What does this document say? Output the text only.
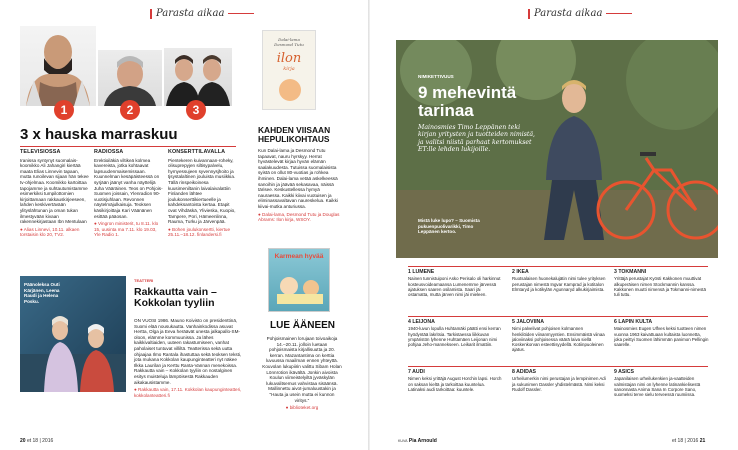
Parasta aikaa
1	2	3
3 x hauska marraskuu
TELEVISIOSSA

Iranissa syntynyt suomalais-koomikko Ali Jahangiri kiertää maata Elias Linnevin tapaan, mutta runoilevan sijaan hän tekee tv-ohjelmaa. Koomikko kartoittaa tapojamme ja suhtautumistamme esimerkiksi tumpilottomien kirjoittamaan rakkauskirjeeseen, lahden keskivertävään ylityslähtunan ja oman tukan ilmestyvään kivaan rakennekirjastaan Ibn Mentulaan

● Alias Linnevi, 10.11. alkaen torstaisin klo 20, TV2.

RADIOSSA

Erektioiläkiä viltikeä kolmea kavereista, jotka kohtaavat lapsuudenmaisemissaan. Kuunnelman kesäpäisteessä on syrjään jäänyt vanha näyttelijä Juha Vääräinen. Teos on Pohjois-Suomen joissain, Ylenradion 90-vuotisjuhlaan. Revonnen näytelmäjulkaisuja. Teoksen käsikirjoittaja Kari Väänänen esittää pääosan.

● Vingron ministerit, tu 8.11. klo 15, uusinta ma 7.11. klo 19.03, Yle Radio 1.

KONSERTTILAVALLA

Pientekeren kuivannaan-roheky, olisuprepyjen siltisypalvelu, hymyessujeen syvennysjhoito ja tjsystalaltinen jouluista musiikkia. Tällä rinspeikoinesa kuusimeniltanin laivalaivalattiin Finlanden lähtee joulukonserttikiertueelle ja kahdeksantoista kertaa. Etapit ovat Vihdäskä, Ylivieska, Kuopio, Tampere, Pori, Hämeenlinna, Rauma, Turku ja Järvenpää.

● Bohen joulukonsertti, kiertue 25.11.–18.12. finlandersi.fi

Dalai-lama
Desmond Tutu
ilon
kirja
KAHDEN VIISAAN HEPULIKOHTAUS

Kun Dalai-lama ja Desmond Tutu tapaavat, nauru hyrskyy. Herrat hyvästelevät kirjaa hyvän elämän saalakuudesta. Tutuissa suomalaisista syistä on ollut 80-vuotias ja rohkea ihminen. Dalai-lama vetää askelkeessä sanoihin ja jäävää sekasavaa, näissä tärisee. Keskustellessa hymyä nauraessa. Kaikki kiivai vuotuisen ja eliminassavaltavan naureskelua. Kaikki kiivai-mutka anturiussa.

● Dalai-lama, Desmond Tutu ja Douglas Abrams: Ilon kirja, WSOY.

Päänoleksa Outi Kärjänen, Leena Raudi ja Helena Posku.
TEATTERI
Rakkautta vain – Kokkolan tyyliin

ON VUOSI 1986. Mauno Koivisto on presidenttinä, Suomi elää nousukautta. Vanhainkodissa asuvat Hertta, Olga ja Eeva heräävät unesta jalkapallo-SM-oloon, elämme kommuunissa. Ja lähes kaikkivaltiaiden, uuteen rakastumiseen, vanhat paholaiset tuntuvat villiltä. Teatterissa sekä uutta ohjaajaa Ilmo Rantala ihastuttaa sekä teoksen teksti, jota mukana Kokkolan kaupunginteatteri nyt näkee Ilkka Laurilan ja Kerttu Ranta-Vannan menekoissa. Rakkautta vain – Kokkolan tyyliin on nostalginen esitys muisteluja lämpöisestä Rakkauden aikakausistamme.

● Rakkautta vain, 17.11. Kokkolan kaupunginteatteri, kokkolanteatteri.fi

Karmean hyvää
LUE ÄÄNEEN

Pohjoismainen lorujaan toivoaikoja 14.–20.11. jolloin luetaan pohjoismaista kirjallisuutta ja 20. kerran. Mazantantima on kerttia luvuussa maailman ennen yhteyttä. Kouvolan lukupiirin valittu Sibam Holan Lönnrotion ikävältä. Jonkin aivoista Koulun viimeistelyiltä jyväskylän lukuvalitsemus vahvistaa sisäänsä. Mallinnettu aivot-jumaluustakin ja "Hauta ja usein mutta ei kunnon viritys."

● biblioteket.org

20 et 18 | 2016
Parasta aikaa
NIMIKETTIVUUS
9 mehevintä tarinaa
Mainosmies Timo Leppänen teki kirjan yritysten ja tuotteiden nimistä, ja valitsi niistä parhaat kertomukset ET:lle lehden lukijoille.
Mistä luke lupo? – Suomista pukuenpuolivarikki, Timo Leppänen kertoo.
1 LUMENE

Nainen tunnistuiponi Asko Perisalo oli harkinnut kosteusvoideamaansa Lumenemme järvessä ajatuksen saaren osilamista. Saari jäi ostamatta, mutta järven nimi jäi mieleen.

2 IKEA

Ruotsalaisen huonekalujätin nimi tulee yrityksen perustajan nimestä Ingvar Kamprad ja kotitalon Elmtaryd ja kotikylän Agunnaryd alkukirjaimista.

3 TOKMANNI

Yrittäjä perustajat Kyösti Kakkonen muuttivat alkuperäisen nimen Stockmannin kanssa. Kakkonen muutti nimensä ja Tokmanni-nimestä tuli tuttu.

4 LEIJONA

1940-luvun lopulla Huhtamäki päätti ensi kerran hyödyntää lakritsia. Tarkistaessa liikkuvan ympäristön lyhenne Huhtamäen Leijonan nimi pohjaa Jeho-mannekseen. Leikarit ilmattiin.

5 JALOVIINA

Nimi palvelivat pohjoisen kolmannen henkilöiden viinanmyyntien. Ensimmäistä viinaa jaloviinaksi pohjoisessa väärä laiva siellä Koskenkorvan esteettisyydellä. Kotiinpuoleinen ajatus.

6 LAPIN KULTA

Mainosmies Eugen Ulfves keksi tuotteen nimen vuonna 1963 kaivattuaan kultaista luonnetta, joka peittyi Suomen lähimmän panimon Pellingin saarelle.

7 AUDI

Nimen keksi yrittäjä August Horchin lapsi. Horch on saksan kieltä ja tarkoittaa kuuntelua. Latinaksi audi tarkoittaa: kuuntele.

8 ADIDAS

Urheilumerkin nimi perustajan ja lempinimen Adi ja sukunimen Dassler yhdistelmästä. Nimi keksi Rudolf Dassler.

9 ASICS

Japanilaisen urheilukenkien ja-vaatteiden valmistajan nimi on lyhenne latinankielisestä sanonnasta Anima Sana In Corpore Sano, suomeksi terve sielu terveessä ruumiissa.

KUVA Pia Arnould	et 18 | 2016 21
